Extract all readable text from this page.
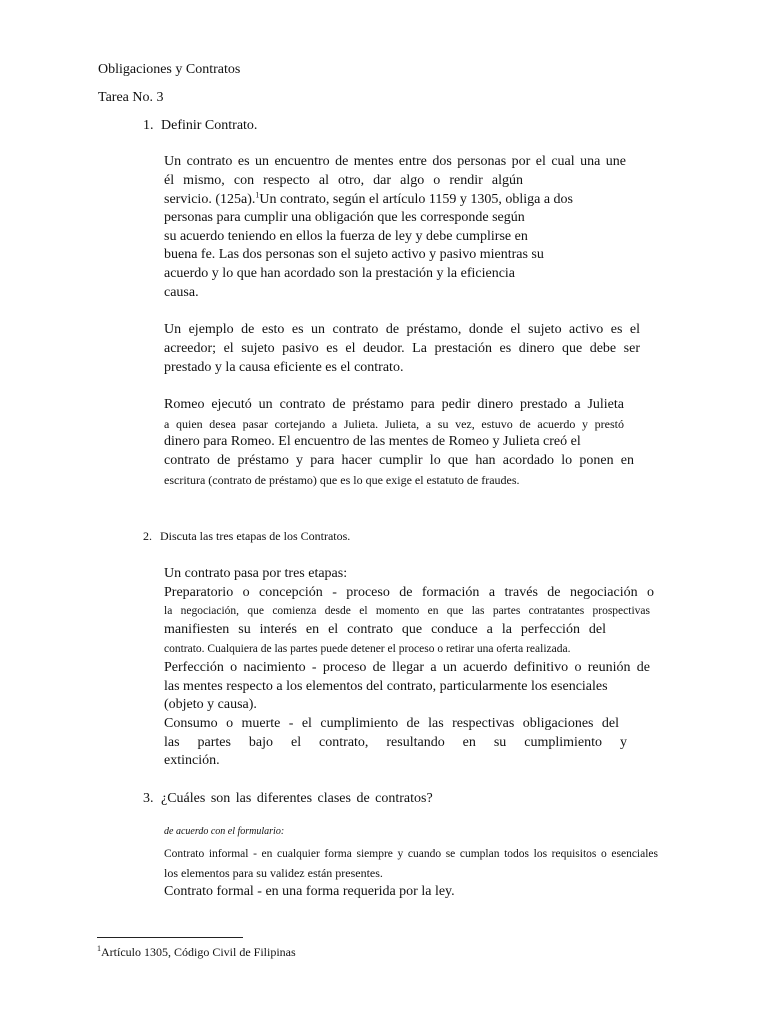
Obligaciones y Contratos
Tarea No. 3
1. Definir Contrato.
Un contrato es un encuentro de mentes entre dos personas por el cual una une
él mismo, con respecto al otro, dar algo o rendir algún
servicio. (125a).$^1$Un contrato, según el artículo 1159 y 1305, obliga a dos
personas para cumplir una obligación que les corresponde según
su acuerdo teniendo en ellos la fuerza de ley y debe cumplirse en
buena fe. Las dos personas son el sujeto activo y pasivo mientras su
acuerdo y lo que han acordado son la prestación y la eficiencia
causa.
Un ejemplo de esto es un contrato de préstamo, donde el sujeto activo es el
acreedor; el sujeto pasivo es el deudor. La prestación es dinero que debe ser
prestado y la causa eficiente es el contrato.
Romeo ejecutó un contrato de préstamo para pedir dinero prestado a Julieta
a quien desea pasar cortejando a Julieta. Julieta, a su vez, estuvo de acuerdo y prestó
dinero para Romeo. El encuentro de las mentes de Romeo y Julieta creó el
contrato de préstamo y para hacer cumplir lo que han acordado lo ponen en
escritura (contrato de préstamo) que es lo que exige el estatuto de fraudes.
2. Discuta las tres etapas de los Contratos.
Un contrato pasa por tres etapas:
Preparatorio o concepción - proceso de formación a través de negociación o
la negociación, que comienza desde el momento en que las partes contratantes prospectivas
manifiesten su interés en el contrato que conduce a la perfección del
contrato. Cualquiera de las partes puede detener el proceso o retirar una oferta realizada.
Perfección o nacimiento - proceso de llegar a un acuerdo definitivo o reunión de
las mentes respecto a los elementos del contrato, particularmente los esenciales
(objeto y causa).
Consumo o muerte - el cumplimiento de las respectivas obligaciones del
las partes bajo el contrato, resultando en su cumplimiento y
extinción.
3. ¿Cuáles son las diferentes clases de contratos?
de acuerdo con el formulario:
Contrato informal - en cualquier forma siempre y cuando se cumplan todos los requisitos o esenciales
los elementos para su validez están presentes.
Contrato formal - en una forma requerida por la ley.
$^1$Artículo 1305, Código Civil de Filipinas
